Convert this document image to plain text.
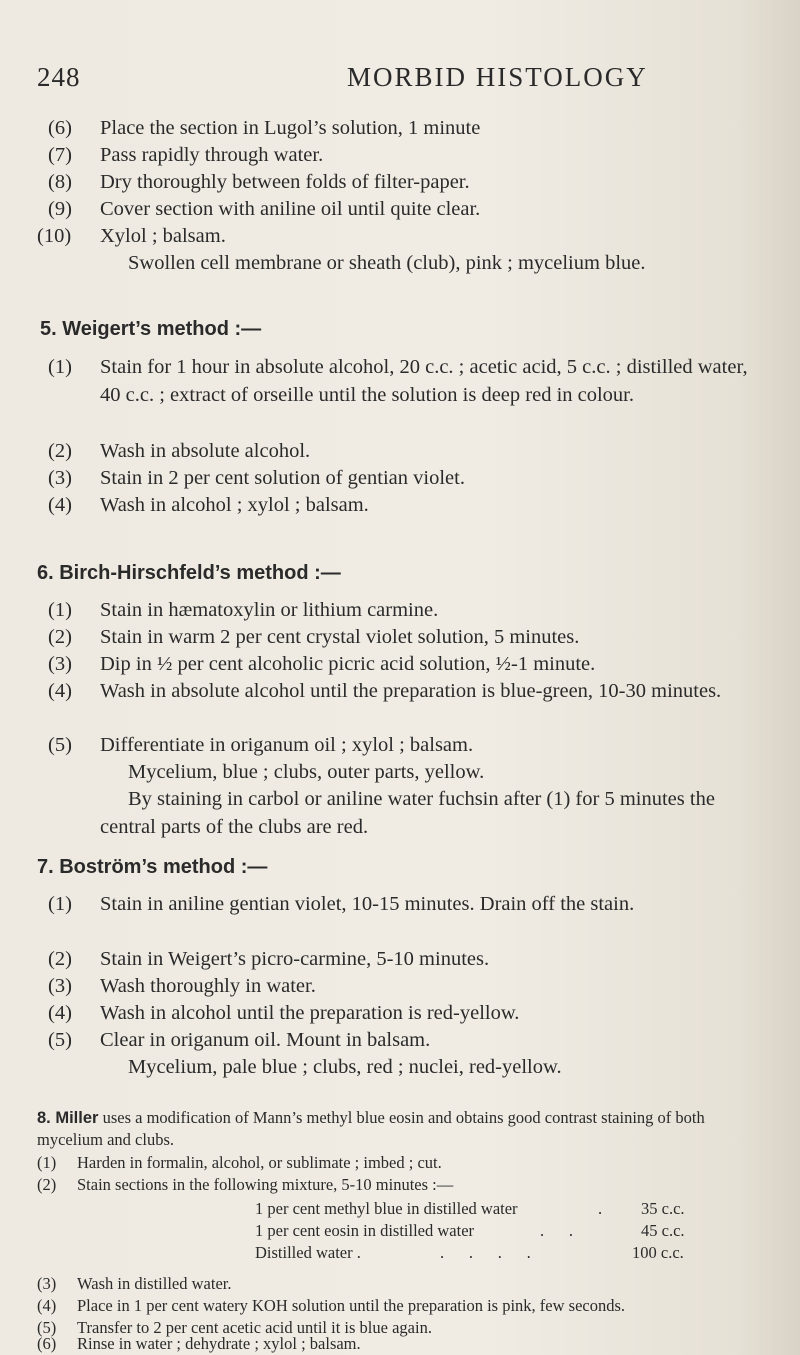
248	MORBID HISTOLOGY
(6) Place the section in Lugol’s solution, 1 minute
(7) Pass rapidly through water.
(8) Dry thoroughly between folds of filter-paper.
(9) Cover section with aniline oil until quite clear.
(10) Xylol ; balsam.
Swollen cell membrane or sheath (club), pink ; mycelium blue.
5. Weigert’s method :—
(1) Stain for 1 hour in absolute alcohol, 20 c.c. ; acetic acid, 5 c.c. ; distilled water, 40 c.c. ; extract of orseille until the solution is deep red in colour.
(2) Wash in absolute alcohol.
(3) Stain in 2 per cent solution of gentian violet.
(4) Wash in alcohol ; xylol ; balsam.
6. Birch-Hirschfeld’s method :—
(1) Stain in hæmatoxylin or lithium carmine.
(2) Stain in warm 2 per cent crystal violet solution, 5 minutes.
(3) Dip in ½ per cent alcoholic picric acid solution, ½-1 minute.
(4) Wash in absolute alcohol until the preparation is blue-green, 10-30 minutes.
(5) Differentiate in origanum oil ; xylol ; balsam.
Mycelium, blue ; clubs, outer parts, yellow.
By staining in carbol or aniline water fuchsin after (1) for 5 minutes the central parts of the clubs are red.
7. Boström’s method :—
(1) Stain in aniline gentian violet, 10-15 minutes. Drain off the stain.
(2) Stain in Weigert’s picro-carmine, 5-10 minutes.
(3) Wash thoroughly in water.
(4) Wash in alcohol until the preparation is red-yellow.
(5) Clear in origanum oil. Mount in balsam.
Mycelium, pale blue ; clubs, red ; nuclei, red-yellow.
8. Miller uses a modification of Mann’s methyl blue eosin and obtains good contrast staining of both mycelium and clubs.
(1) Harden in formalin, alcohol, or sublimate ; imbed ; cut.
(2) Stain sections in the following mixture, 5-10 minutes :—
1 per cent methyl blue in distilled water	. 35 c.c.
1 per cent eosin in distilled water	.      .	45 c.c.
Distilled water .	.      .      .      .	100 c.c.
(3) Wash in distilled water.
(4) Place in 1 per cent watery KOH solution until the preparation is pink, few seconds.
(5) Transfer to 2 per cent acetic acid until it is blue again.
(6) Rinse in water ; dehydrate ; xylol ; balsam.
